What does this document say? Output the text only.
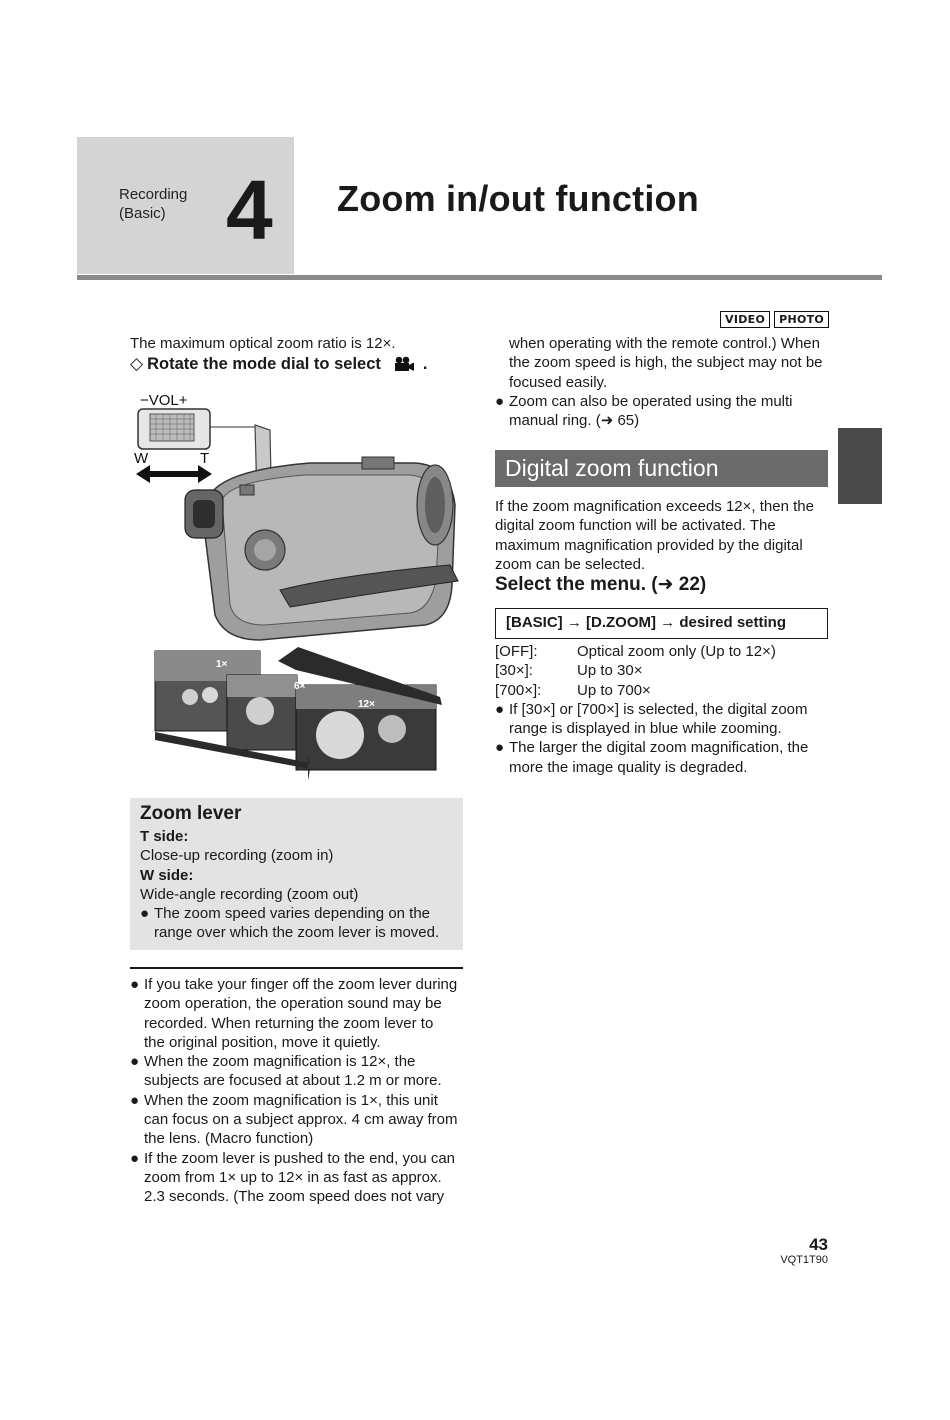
Recording
(Basic) 4 Zoom in/out function
VIDEO	PHOTO
The maximum optical zoom ratio is 12×.
◇ Rotate the mode dial to select	.
−VOL+
W	T
1×
6×
12×
Zoom lever
T side:
Close-up recording (zoom in)
W side:
Wide-angle recording (zoom out)
● The zoom speed varies depending on the
range over which the zoom lever is moved.
● If you take your finger off the zoom lever during
zoom operation, the operation sound may be
recorded. When returning the zoom lever to
the original position, move it quietly.
● When the zoom magnification is 12×, the
subjects are focused at about 1.2 m or more.
● When the zoom magnification is 1×, this unit
can focus on a subject approx. 4 cm away from
the lens. (Macro function)
● If the zoom lever is pushed to the end, you can
zoom from 1× up to 12× in as fast as approx.
2.3 seconds. (The zoom speed does not vary
when operating with the remote control.) When
the zoom speed is high, the subject may not be
focused easily.
● Zoom can also be operated using the multi
manual ring. (➜ 65)
Digital zoom function
If the zoom magnification exceeds 12×, then the
digital zoom function will be activated. The
maximum magnification provided by the digital
zoom can be selected.
Select the menu. (➜ 22)
[BASIC] → [D.ZOOM] → desired setting
[OFF]:	Optical zoom only (Up to 12×)
[30×]:	Up to 30×
[700×]:	Up to 700×
● If [30×] or [700×] is selected, the digital zoom
range is displayed in blue while zooming.
● The larger the digital zoom magnification, the
more the image quality is degraded.
43
VQT1T90
